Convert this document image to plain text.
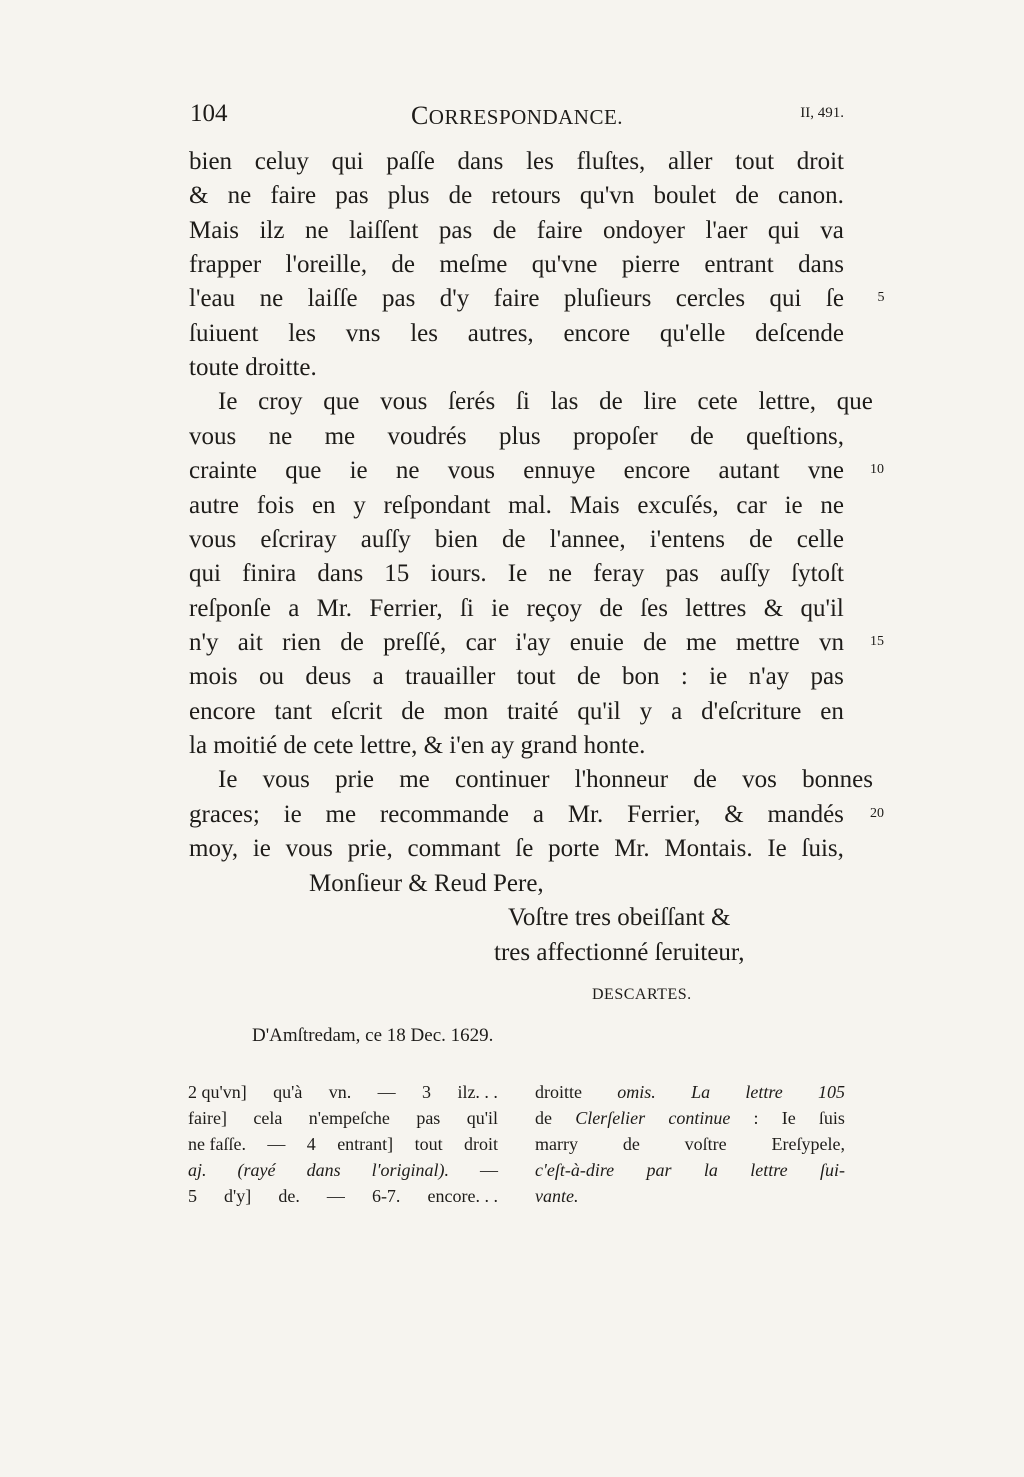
104	CORRESPONDANCE.	II, 491.
bien celuy qui paſſe dans les fluſtes, aller tout droit
& ne faire pas plus de retours qu'vn boulet de canon.
Mais ilz ne laiſſent pas de faire ondoyer l'aer qui va
frapper l'oreille, de meſme qu'vne pierre entrant dans
l'eau ne laiſſe pas d'y faire pluſieurs cercles qui ſe
ſuiuent les vns les autres, encore qu'elle deſcende
toute droitte.
Ie croy que vous ſerés ſi las de lire cete lettre, que
vous ne me voudrés plus propoſer de queſtions,
crainte que ie ne vous ennuye encore autant vne
autre fois en y reſpondant mal. Mais excuſés, car ie ne
vous eſcriray auſſy bien de l'annee, i'entens de celle
qui finira dans 15 iours. Ie ne feray pas auſſy ſytoſt
reſponſe a Mr. Ferrier, ſi ie reçoy de ſes lettres & qu'il
n'y ait rien de preſſé, car i'ay enuie de me mettre vn
mois ou deus a trauailler tout de bon : ie n'ay pas
encore tant eſcrit de mon traité qu'il y a d'eſcriture en
la moitié de cete lettre, & i'en ay grand honte.
Ie vous prie me continuer l'honneur de vos bonnes
graces; ie me recommande a Mr. Ferrier, & mandés
moy, ie vous prie, commant ſe porte Mr. Montais. Ie ſuis,
5
10
15
20
Monſieur & Reud Pere,
Voſtre tres obeiſſant &
tres affectionné ſeruiteur,
DESCARTES.
D'Amſtredam, ce 18 Dec. 1629.
2 qu'vn] qu'à vn. — 3 ilz. . .
faire] cela n'empeſche pas qu'il
ne faſſe. — 4 entrant] tout droit
aj. (rayé dans l'original). —
5 d'y] de. — 6-7. encore. . .
droitte omis. La lettre 105
de Clerſelier continue : Ie ſuis
marry de voſtre Ereſypele,
c'eſt-à-dire par la lettre ſui-
vante.
